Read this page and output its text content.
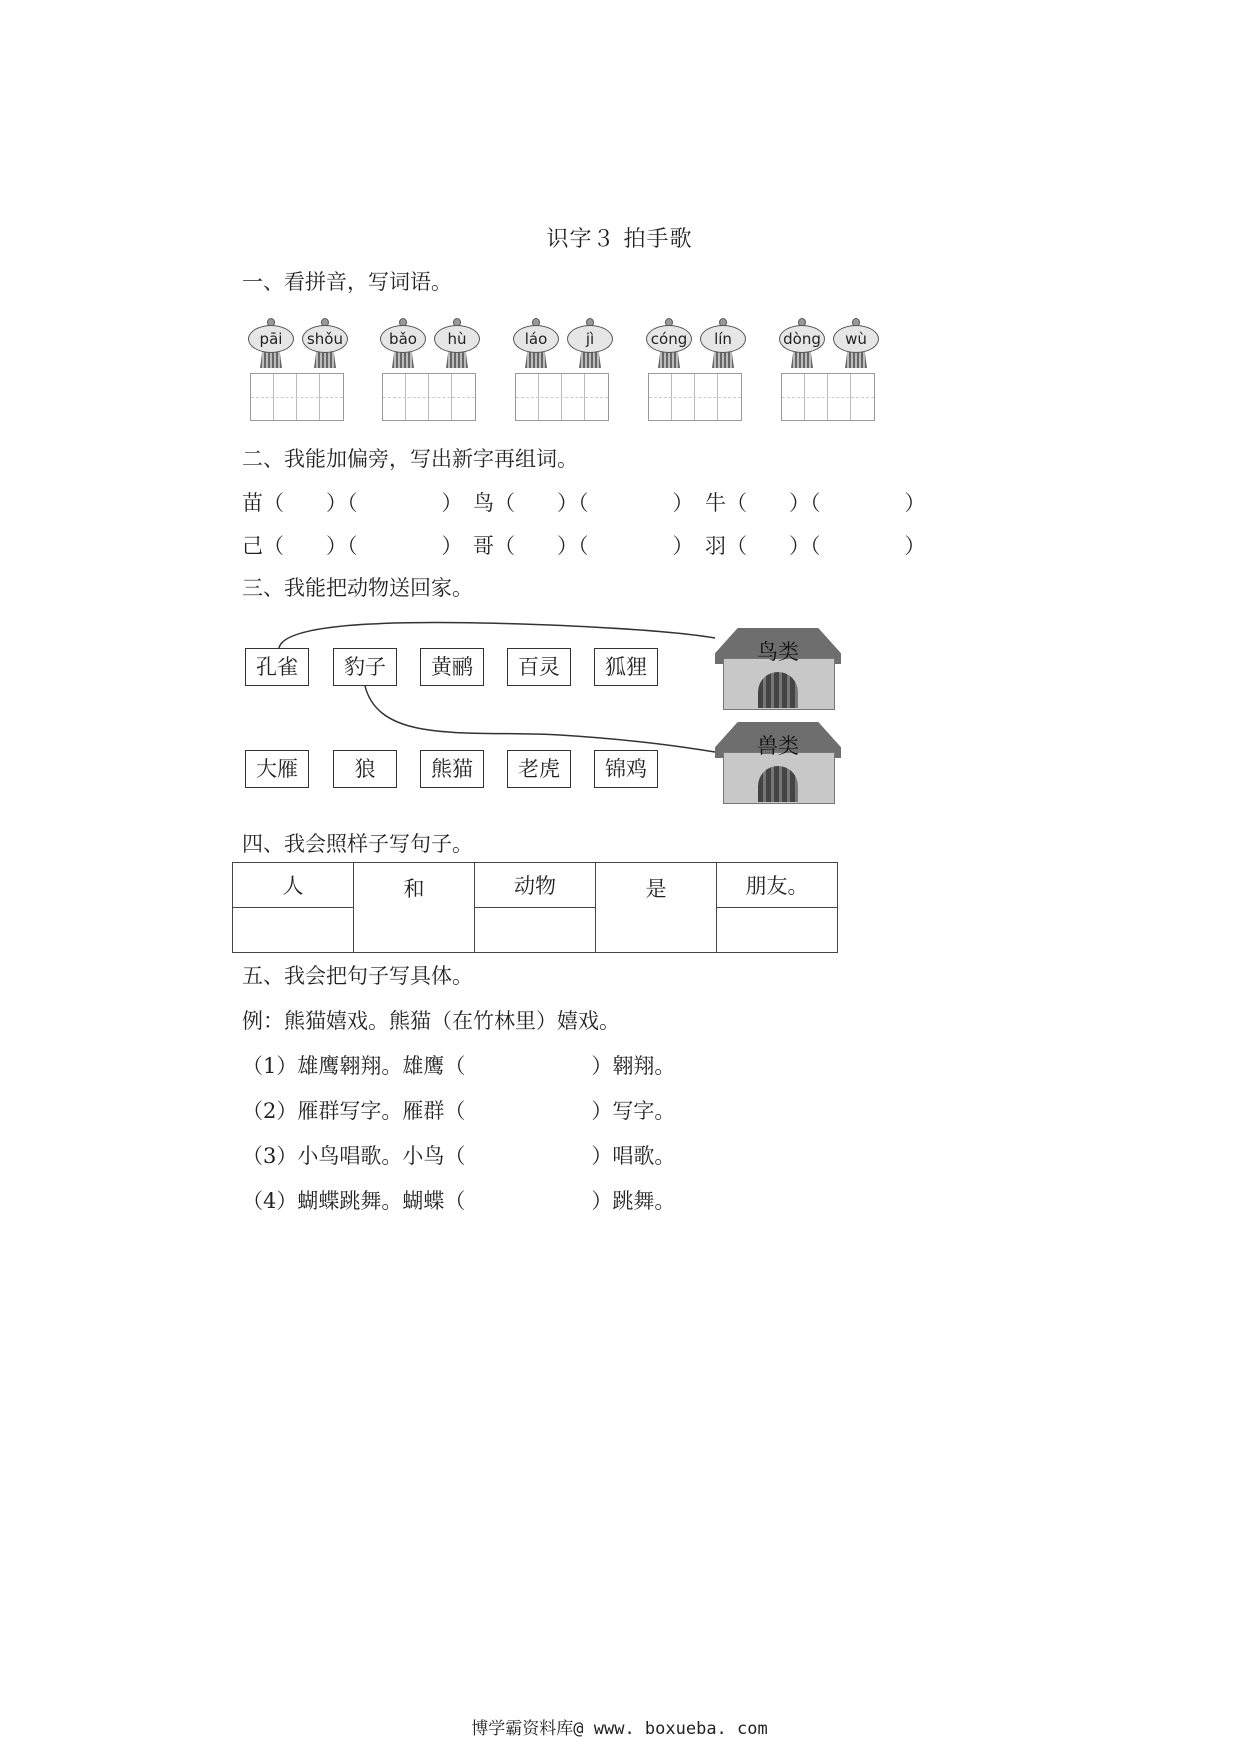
识字３ 拍手歌
一、看拼音，写词语。
pāi	shǒu	bǎo	hù	láo	jì	cóng	lín	dòng	wù
二、我能加偏旁，写出新字再组词。
苗（　　）（　　　　） 鸟（　　）（　　　　） 牛（　　）（　　　　）
己（　　）（　　　　） 哥（　　）（　　　　） 羽（　　）（　　　　）
三、我能把动物送回家。
孔雀	豹子	黄鹂	百灵	狐狸
大雁	狼	熊猫	老虎	锦鸡
鸟类
兽类
四、我会照样子写句子。
人	和	动物	是	朋友。

五、我会把句子写具体。
例：熊猫嬉戏。熊猫（在竹林里）嬉戏。
（1）雄鹰翱翔。雄鹰（　　　　　　）翱翔。
（2）雁群写字。雁群（　　　　　　）写字。
（3）小鸟唱歌。小鸟（　　　　　　）唱歌。
（4）蝴蝶跳舞。蝴蝶（　　　　　　）跳舞。
博学霸资料库@ www. boxueba. com
